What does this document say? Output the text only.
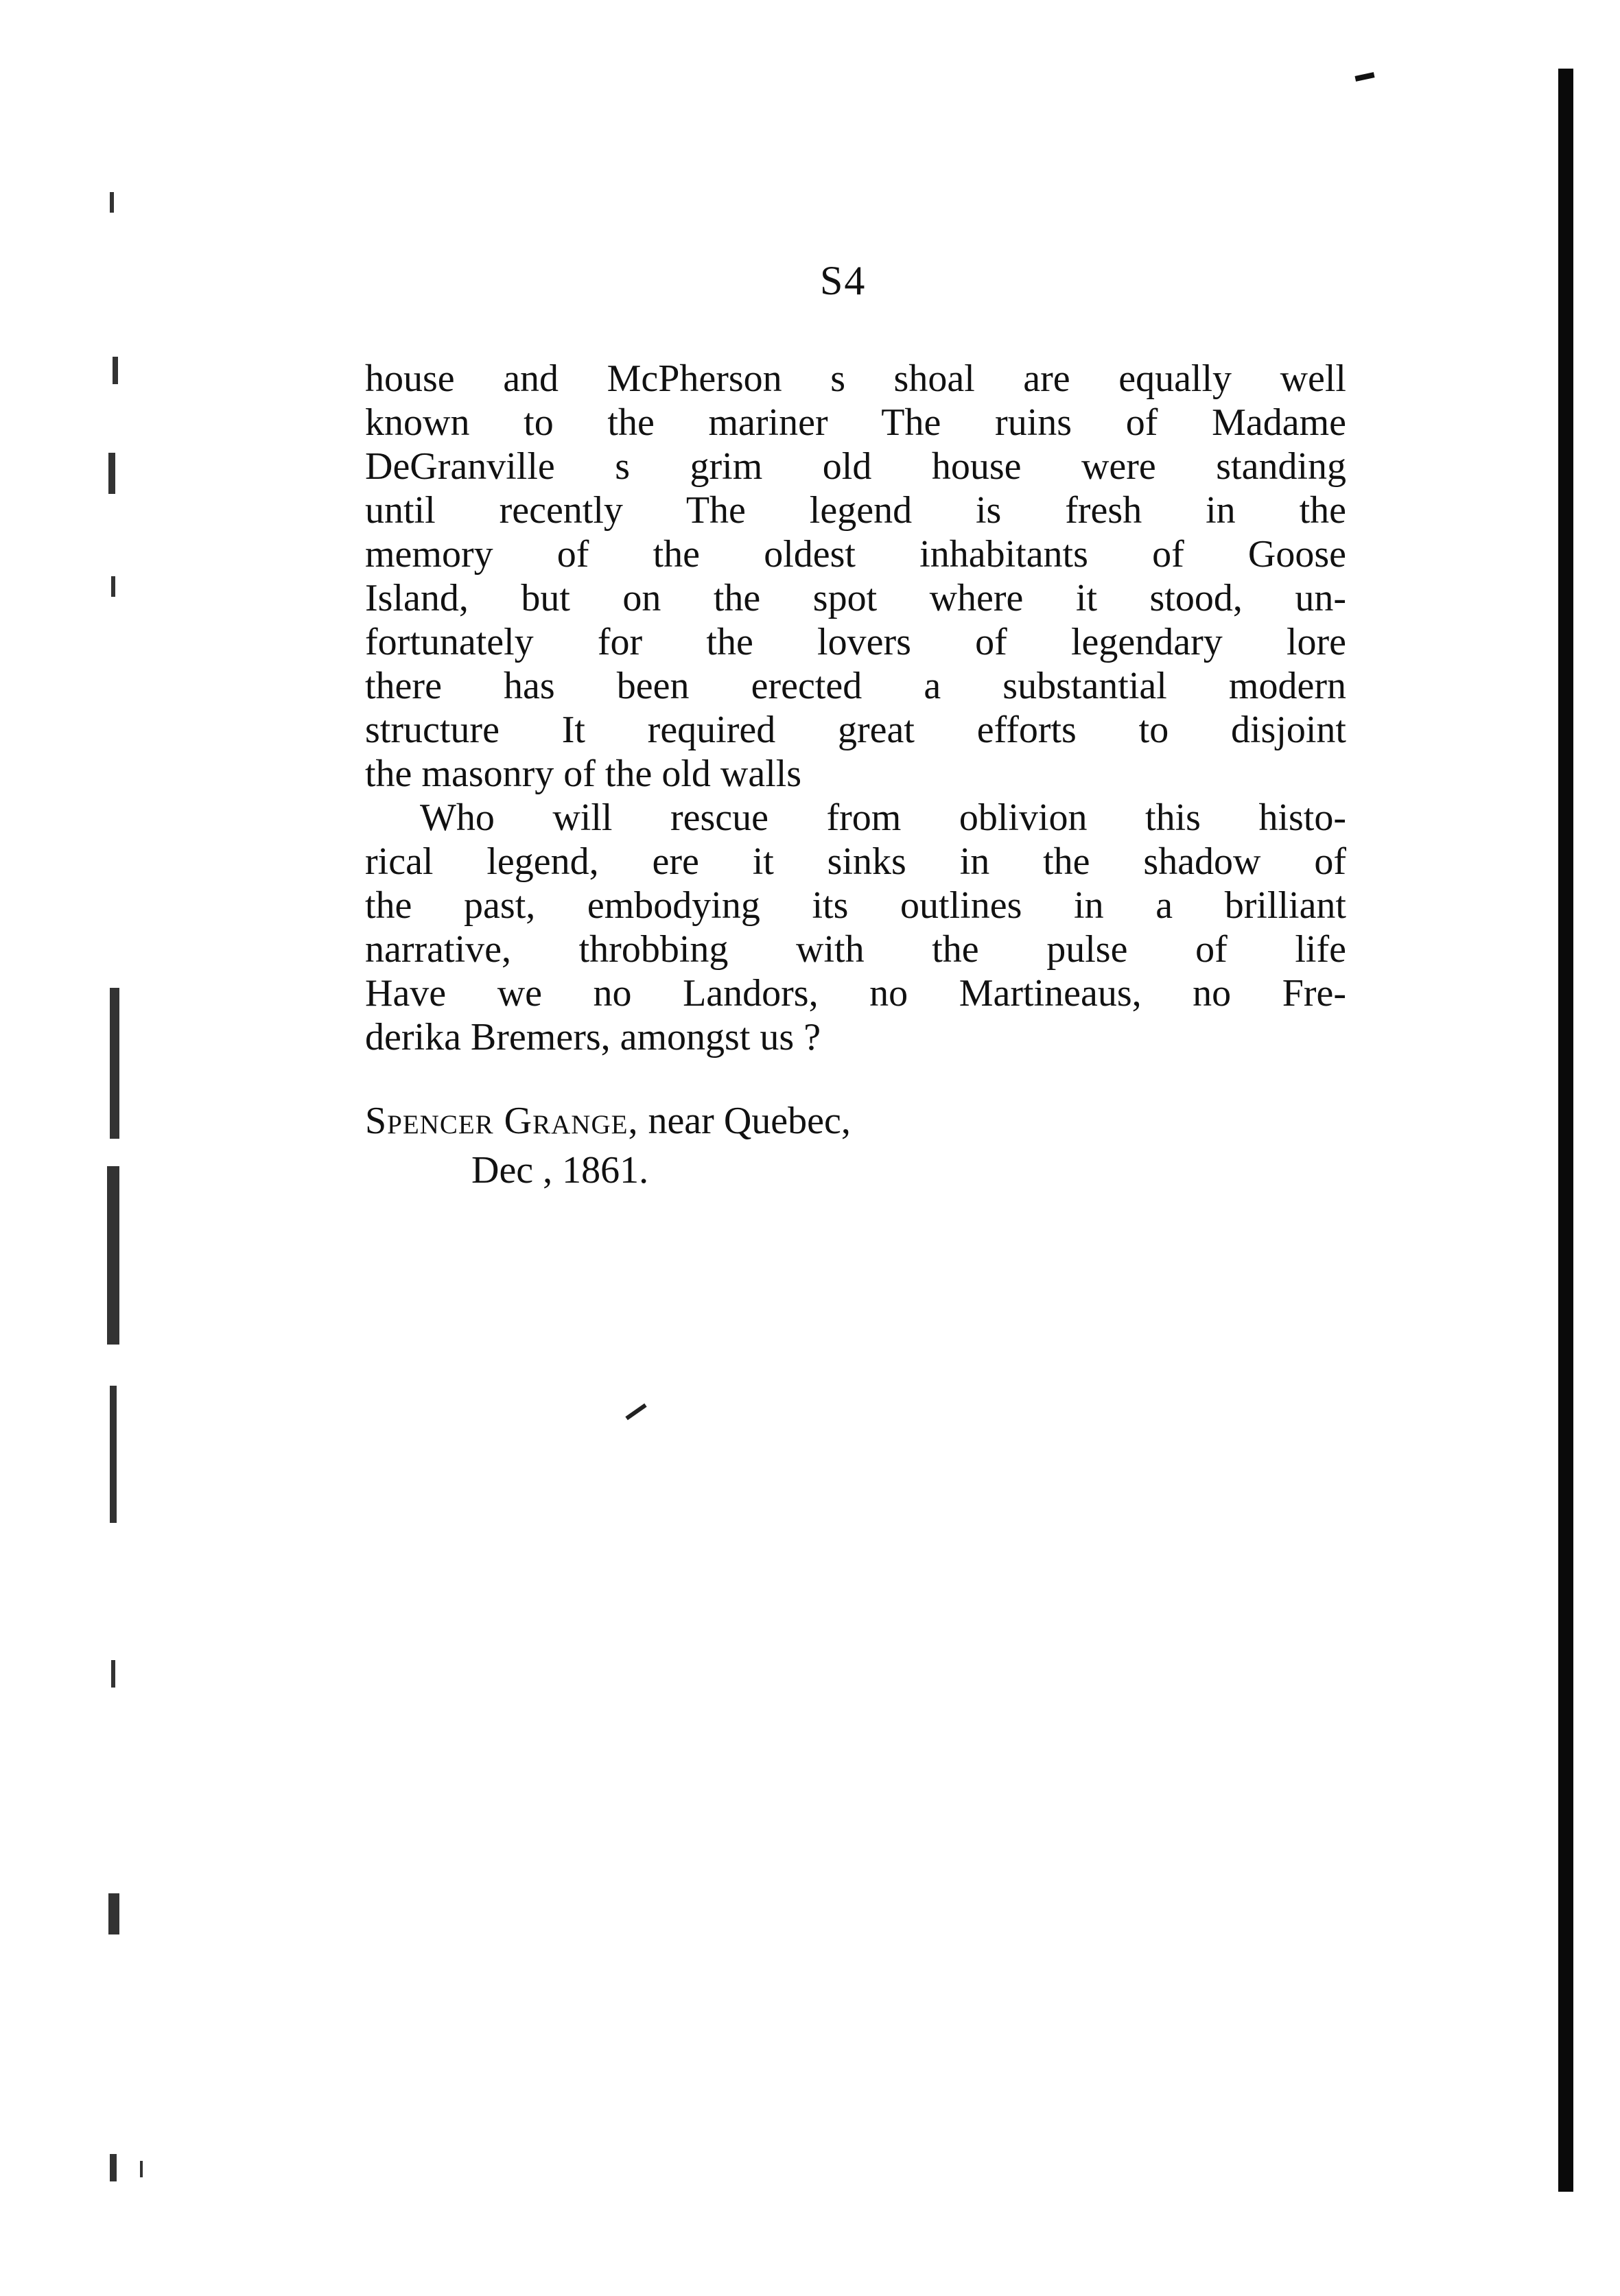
S4
house and McPherson s shoal are equally well
known to the mariner The ruins of Madame
DeGranville s grim old house were standing
until recently The legend is fresh in the
memory of the oldest inhabitants of Goose
Island, but on the spot where it stood, un-
fortunately for the lovers of legendary lore
there has been erected a substantial modern
structure It required great efforts to disjoint
the masonry of the old walls
Who will rescue from oblivion this histo-
rical legend, ere it sinks in the shadow of
the past, embodying its outlines in a brilliant
narrative, throbbing with the pulse of life
Have we no Landors, no Martineaus, no Fre-
derika Bremers, amongst us ?
Spencer Grange, near Quebec,
Dec , 1861.
